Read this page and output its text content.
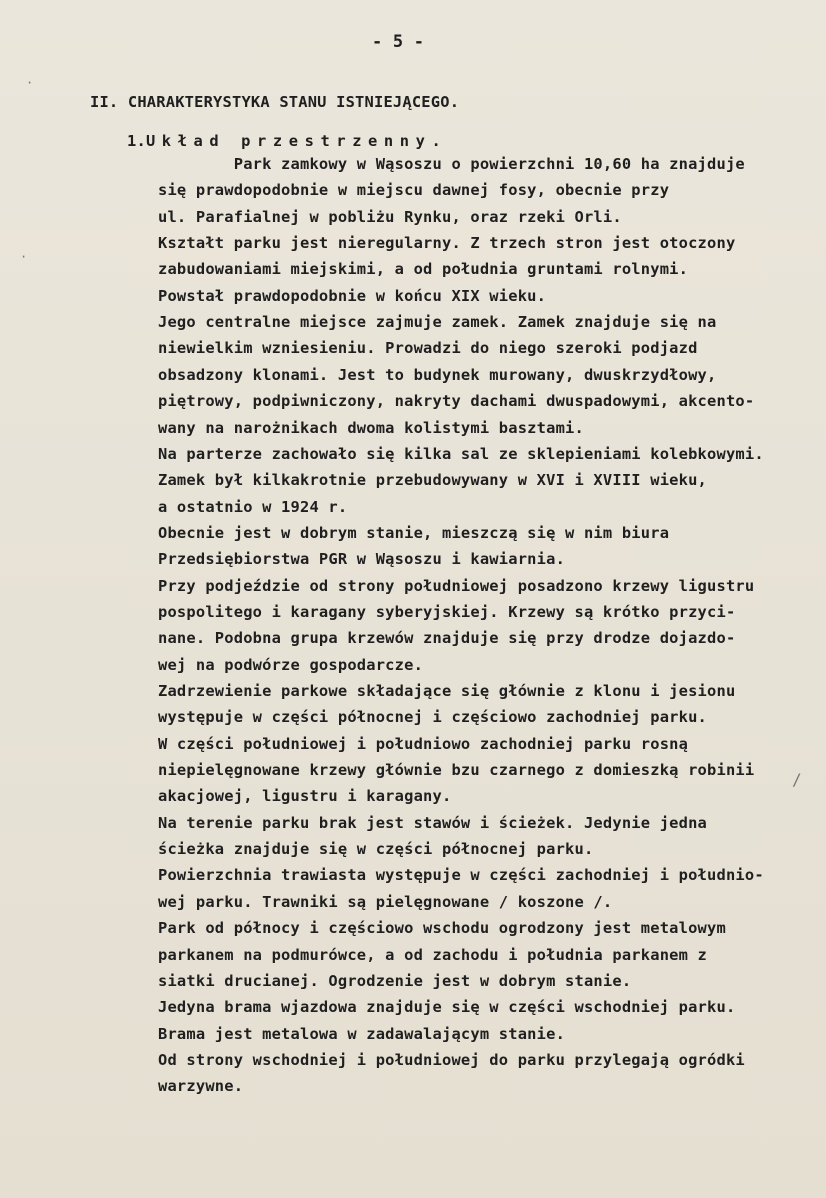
- 5 -
II. CHARAKTERYSTYKA STANU ISTNIEJĄCEGO.
1.Układ przestrzenny.
Park zamkowy w Wąsoszu o powierzchni 10,60 ha znajduje
się prawdopodobnie w miejscu dawnej fosy, obecnie przy
ul. Parafialnej w pobliżu Rynku, oraz rzeki Orli.
Kształt parku jest nieregularny. Z trzech stron jest otoczony
zabudowaniami miejskimi, a od południa gruntami rolnymi.
Powstał prawdopodobnie w końcu XIX wieku.
Jego centralne miejsce zajmuje zamek. Zamek znajduje się na
niewielkim wzniesieniu. Prowadzi do niego szeroki podjazd
obsadzony klonami. Jest to budynek murowany, dwuskrzydłowy,
piętrowy, podpiwniczony, nakryty dachami dwuspadowymi, akcento-
wany na narożnikach dwoma kolistymi basztami.
Na parterze zachowało się kilka sal ze sklepieniami kolebkowymi.
Zamek był kilkakrotnie przebudowywany w XVI i XVIII wieku,
a ostatnio w 1924 r.
Obecnie jest w dobrym stanie, mieszczą się w nim biura
Przedsiębiorstwa PGR w Wąsoszu i kawiarnia.
Przy podjeździe od strony południowej posadzono krzewy ligustru
pospolitego i karagany syberyjskiej. Krzewy są krótko przyci-
nane. Podobna grupa krzewów znajduje się przy drodze dojazdo-
wej na podwórze gospodarcze.
Zadrzewienie parkowe składające się głównie z klonu i jesionu
występuje w części północnej i częściowo zachodniej parku.
W części południowej i południowo zachodniej parku rosną
niepielęgnowane krzewy głównie bzu czarnego z domieszką robinii
akacjowej, ligustru i karagany.
Na terenie parku brak jest stawów i ścieżek. Jedynie jedna
ścieżka znajduje się w części północnej parku.
Powierzchnia trawiasta występuje w części zachodniej i południo-
wej parku. Trawniki są pielęgnowane / koszone /.
Park od północy i częściowo wschodu ogrodzony jest metalowym
parkanem na podmurówce, a od zachodu i południa parkanem z
siatki drucianej. Ogrodzenie jest w dobrym stanie.
Jedyna brama wjazdowa znajduje się w części wschodniej parku.
Brama jest metalowa w zadawalającym stanie.
Od strony wschodniej i południowej do parku przylegają ogródki
warzywne.
·
·
/
